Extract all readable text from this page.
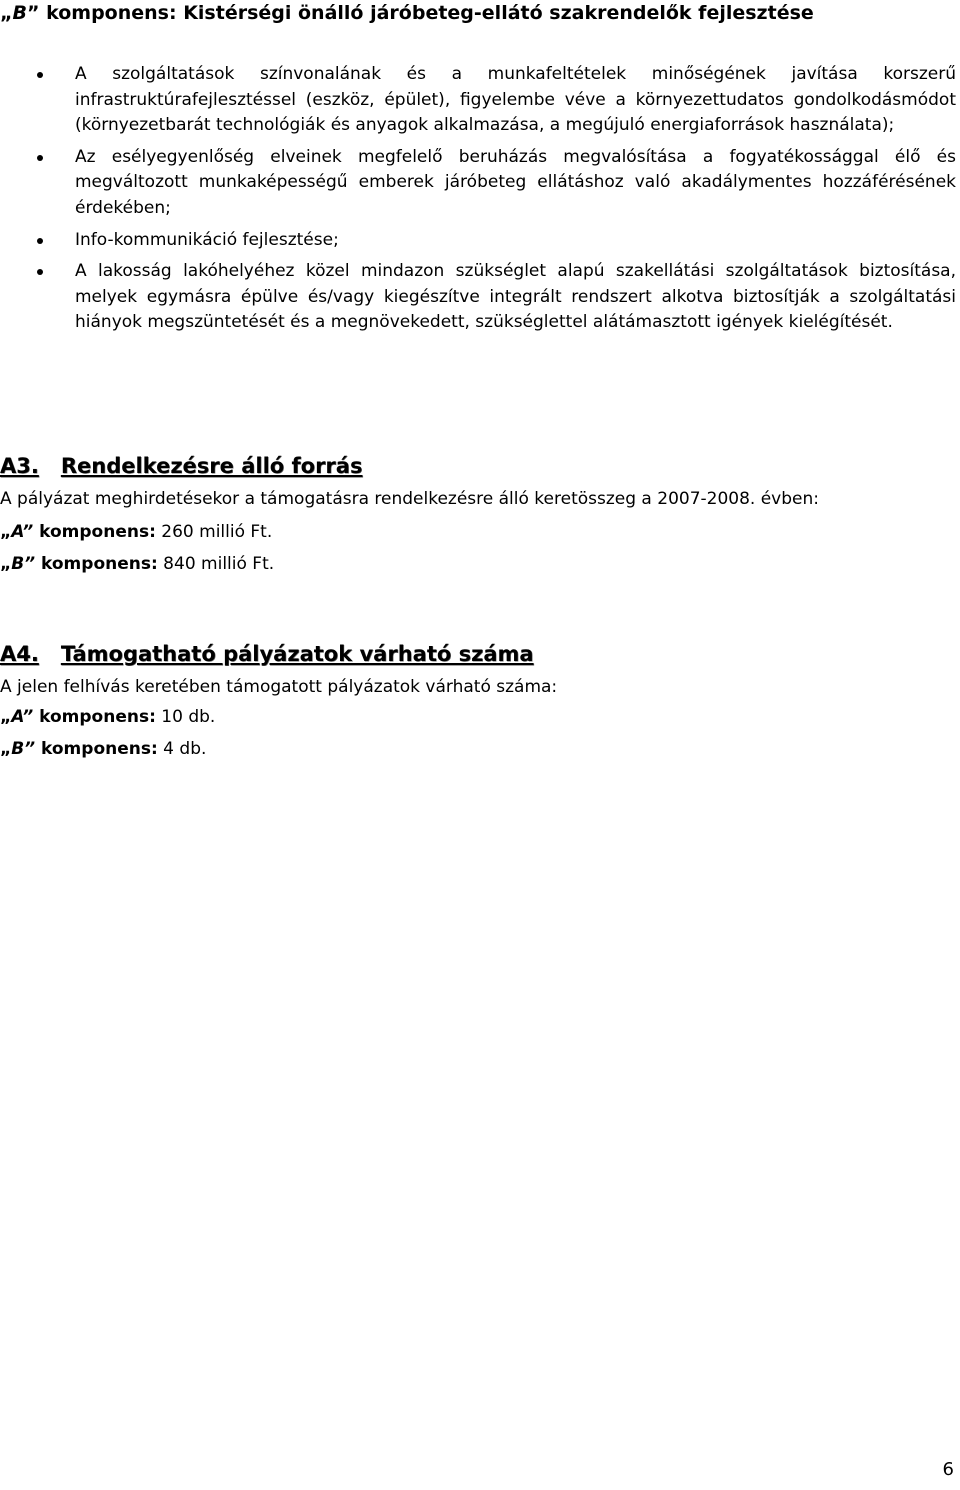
„B” komponens: Kistérségi önálló járóbeteg-ellátó szakrendelők fejlesztése
A szolgáltatások színvonalának és a munkafeltételek minőségének javítása korszerű infrastruktúrafejlesztéssel (eszköz, épület), figyelembe véve a környezettudatos gondolkodásmódot (környezetbarát technológiák és anyagok alkalmazása, a megújuló energiaforrások használata);
Az esélyegyenlőség elveinek megfelelő beruházás megvalósítása a fogyatékossággal élő és megváltozott munkaképességű emberek járóbeteg ellátáshoz való akadálymentes hozzáférésének érdekében;
Info-kommunikáció fejlesztése;
A lakosság lakóhelyéhez közel mindazon szükséglet alapú szakellátási szolgáltatások biztosítása, melyek egymásra épülve és/vagy kiegészítve integrált rendszert alkotva biztosítják a szolgáltatási hiányok megszüntetését és a megnövekedett, szükséglettel alátámasztott igények kielégítését.
A3. Rendelkezésre álló forrás

A pályázat meghirdetésekor a támogatásra rendelkezésre álló keretösszeg a 2007-2008. évben:

„A” komponens: 260 millió Ft.
„B” komponens: 840 millió Ft.
A4. Támogatható pályázatok várható száma

A jelen felhívás keretében támogatott pályázatok várható száma:

„A” komponens: 10 db.
„B” komponens: 4 db.
6
